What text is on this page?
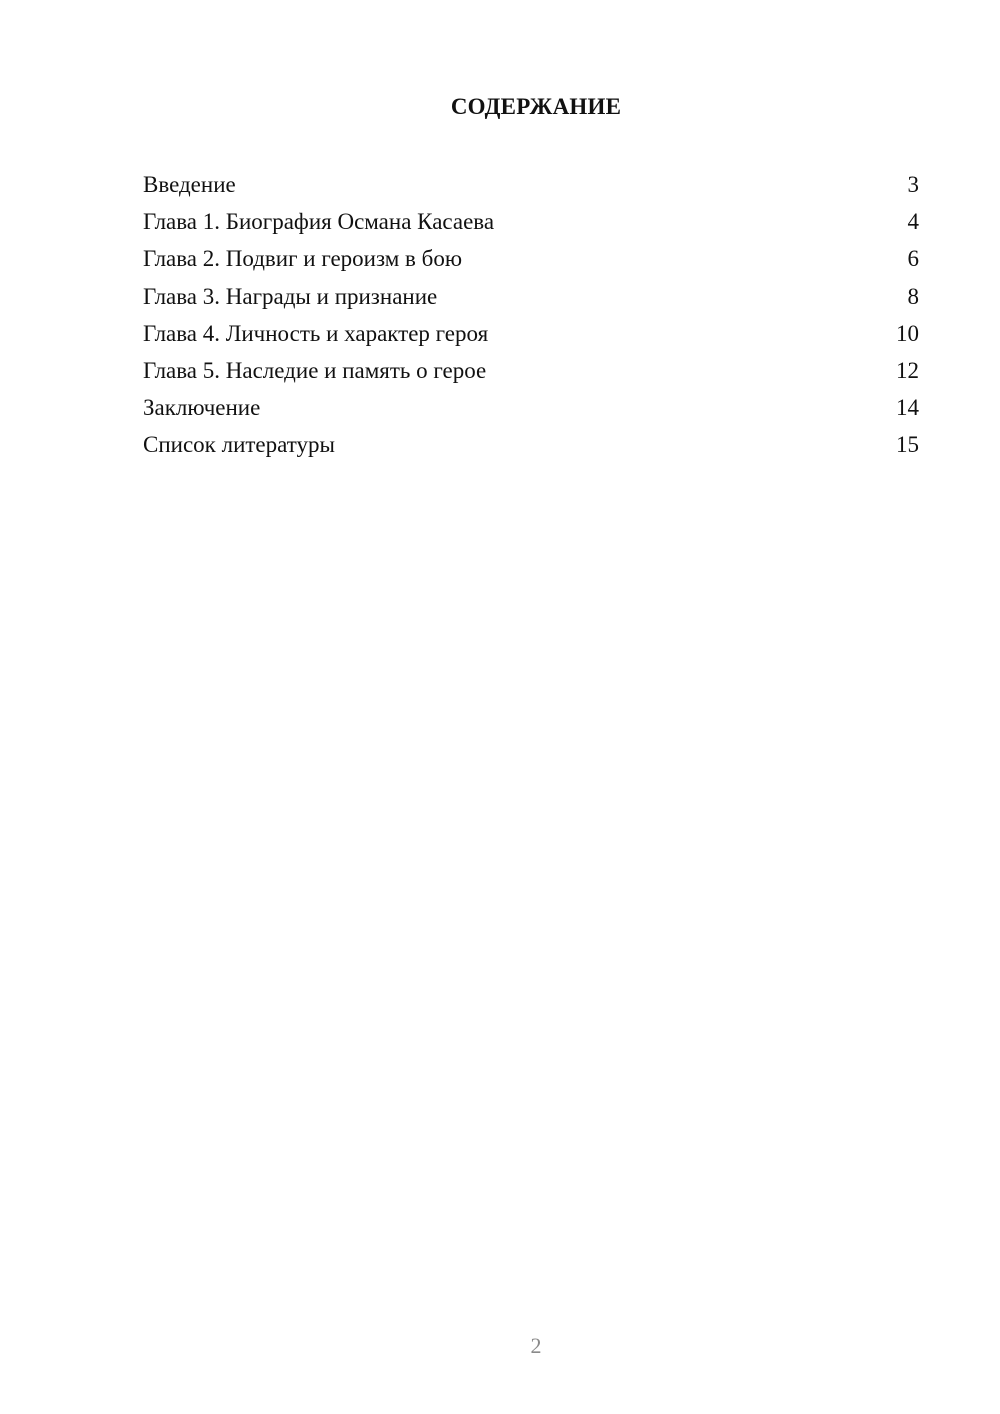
СОДЕРЖАНИЕ
Введение	3
Глава 1. Биография Османа Касаева	4
Глава 2. Подвиг и героизм в бою	6
Глава 3. Награды и признание	8
Глава 4. Личность и характер героя	10
Глава 5. Наследие и память о герое	12
Заключение	14
Список литературы	15
2
